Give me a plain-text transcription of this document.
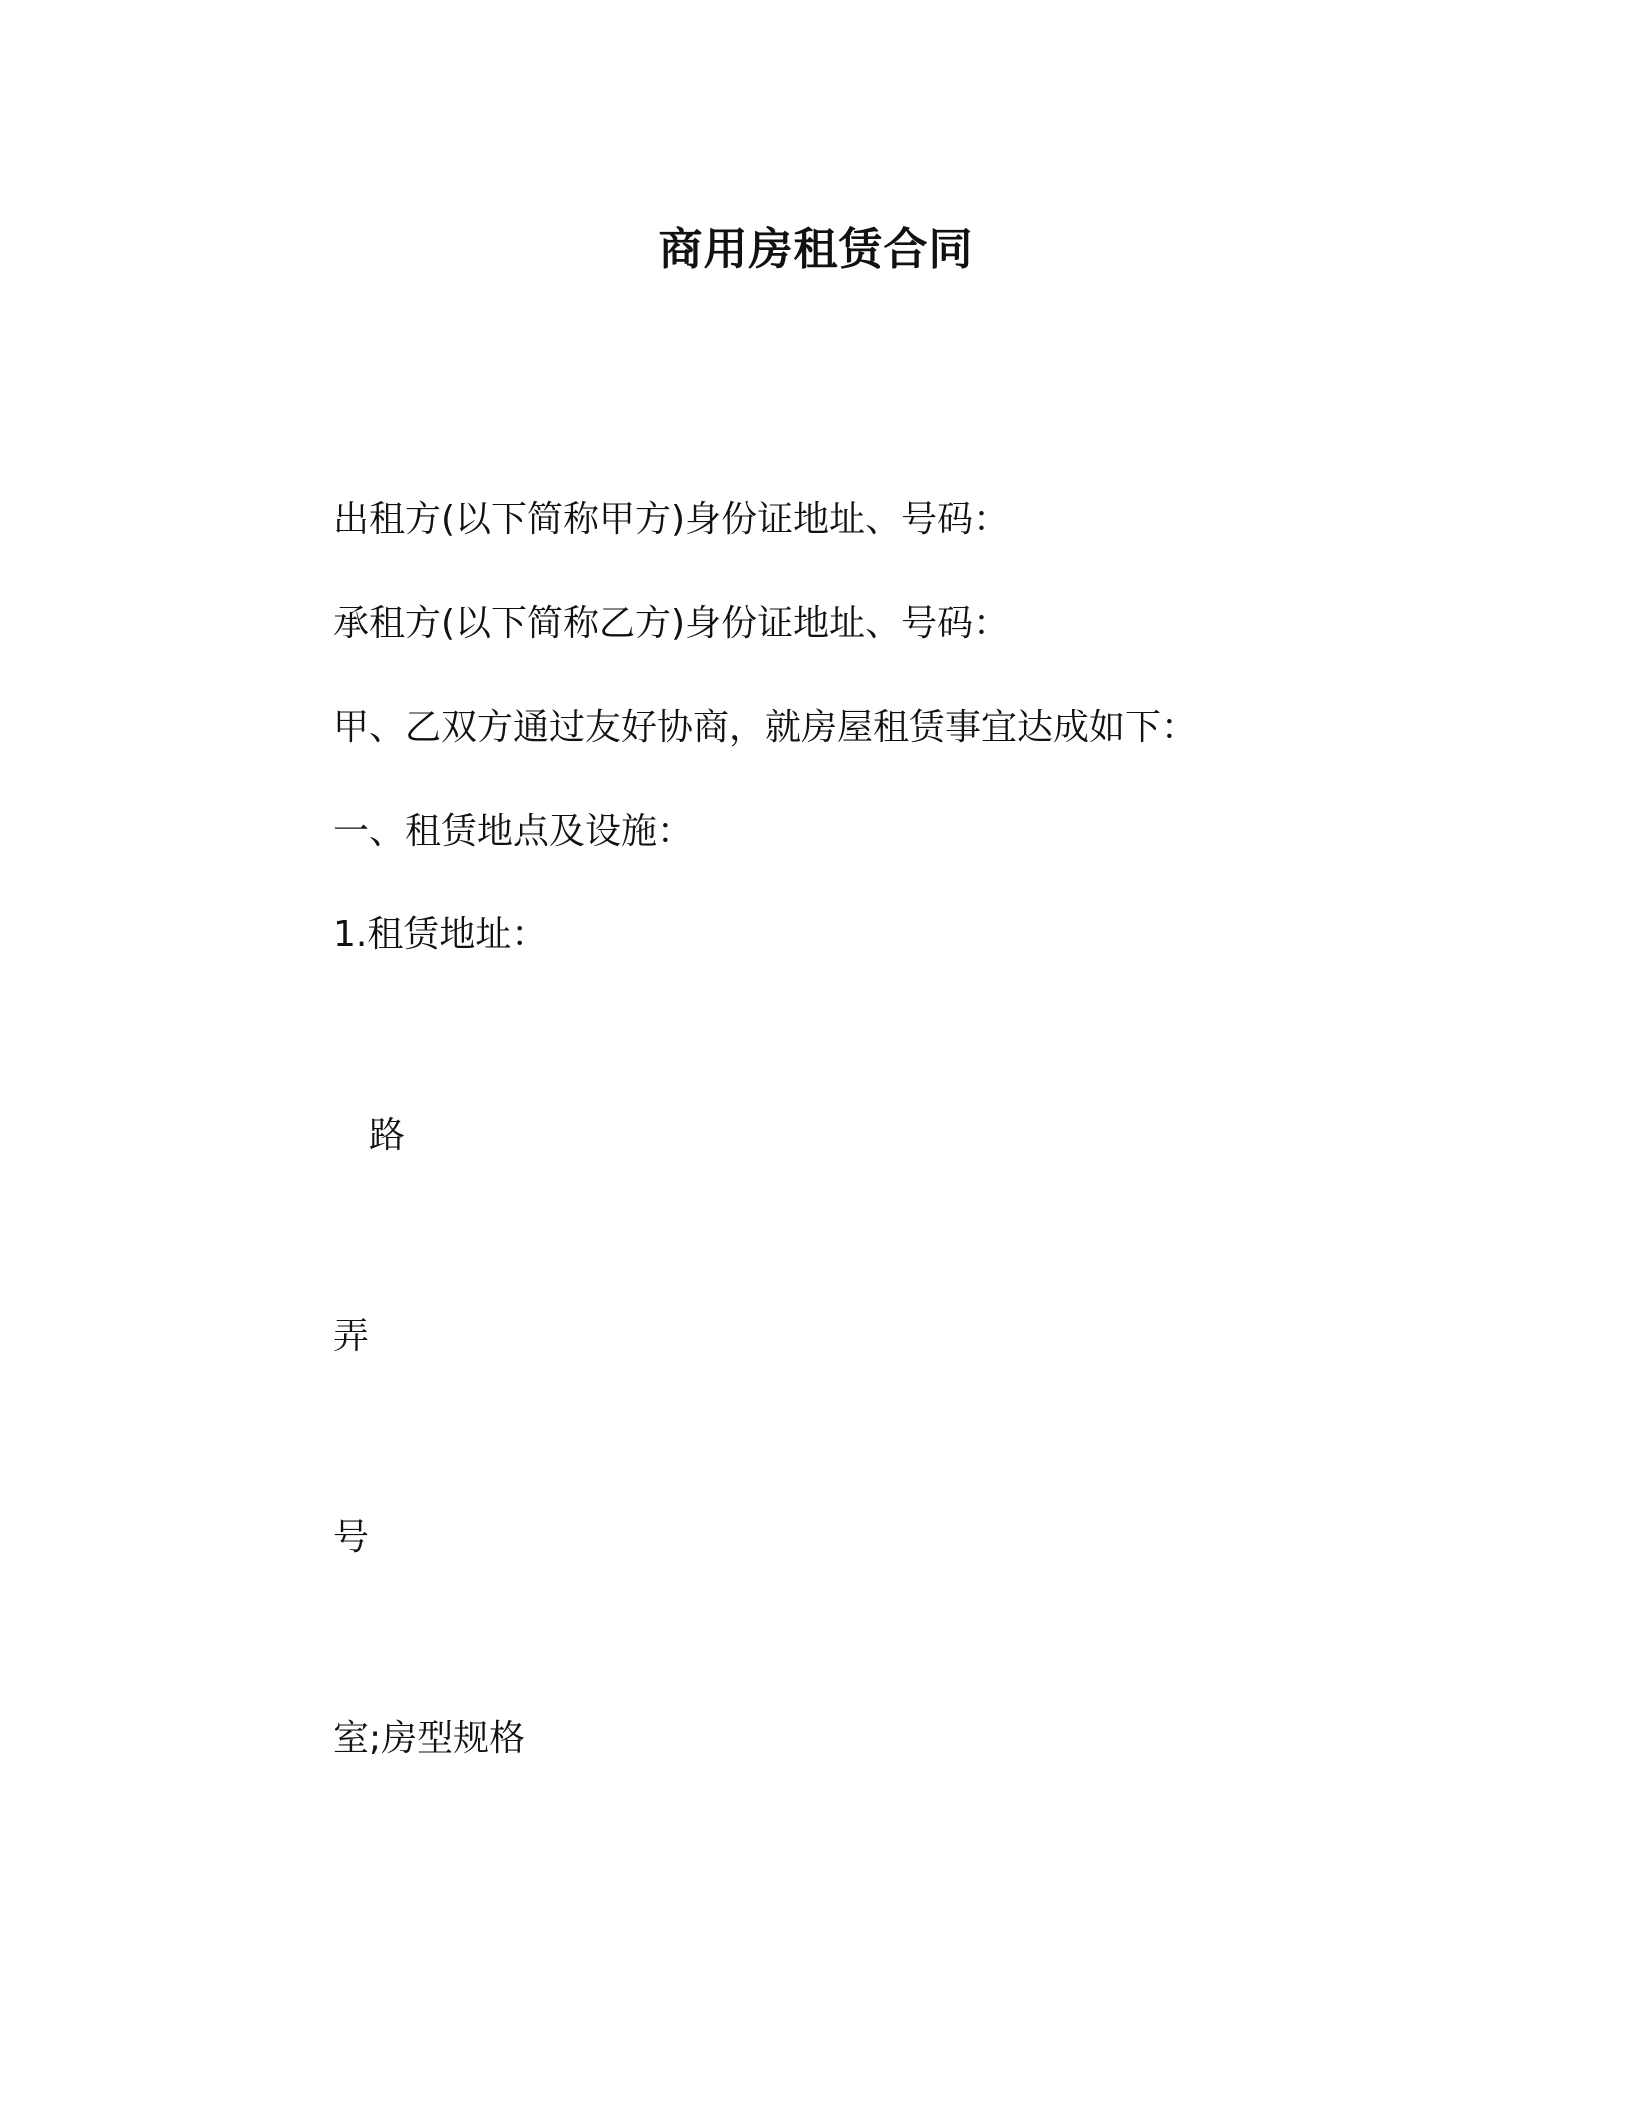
商用房租赁合同
出租方(以下简称甲方)身份证地址、号码：
承租方(以下简称乙方)身份证地址、号码：
甲、乙双方通过友好协商，就房屋租赁事宜达成如下：
一、租赁地点及设施：
1.租赁地址：
路
弄
号
室;房型规格
